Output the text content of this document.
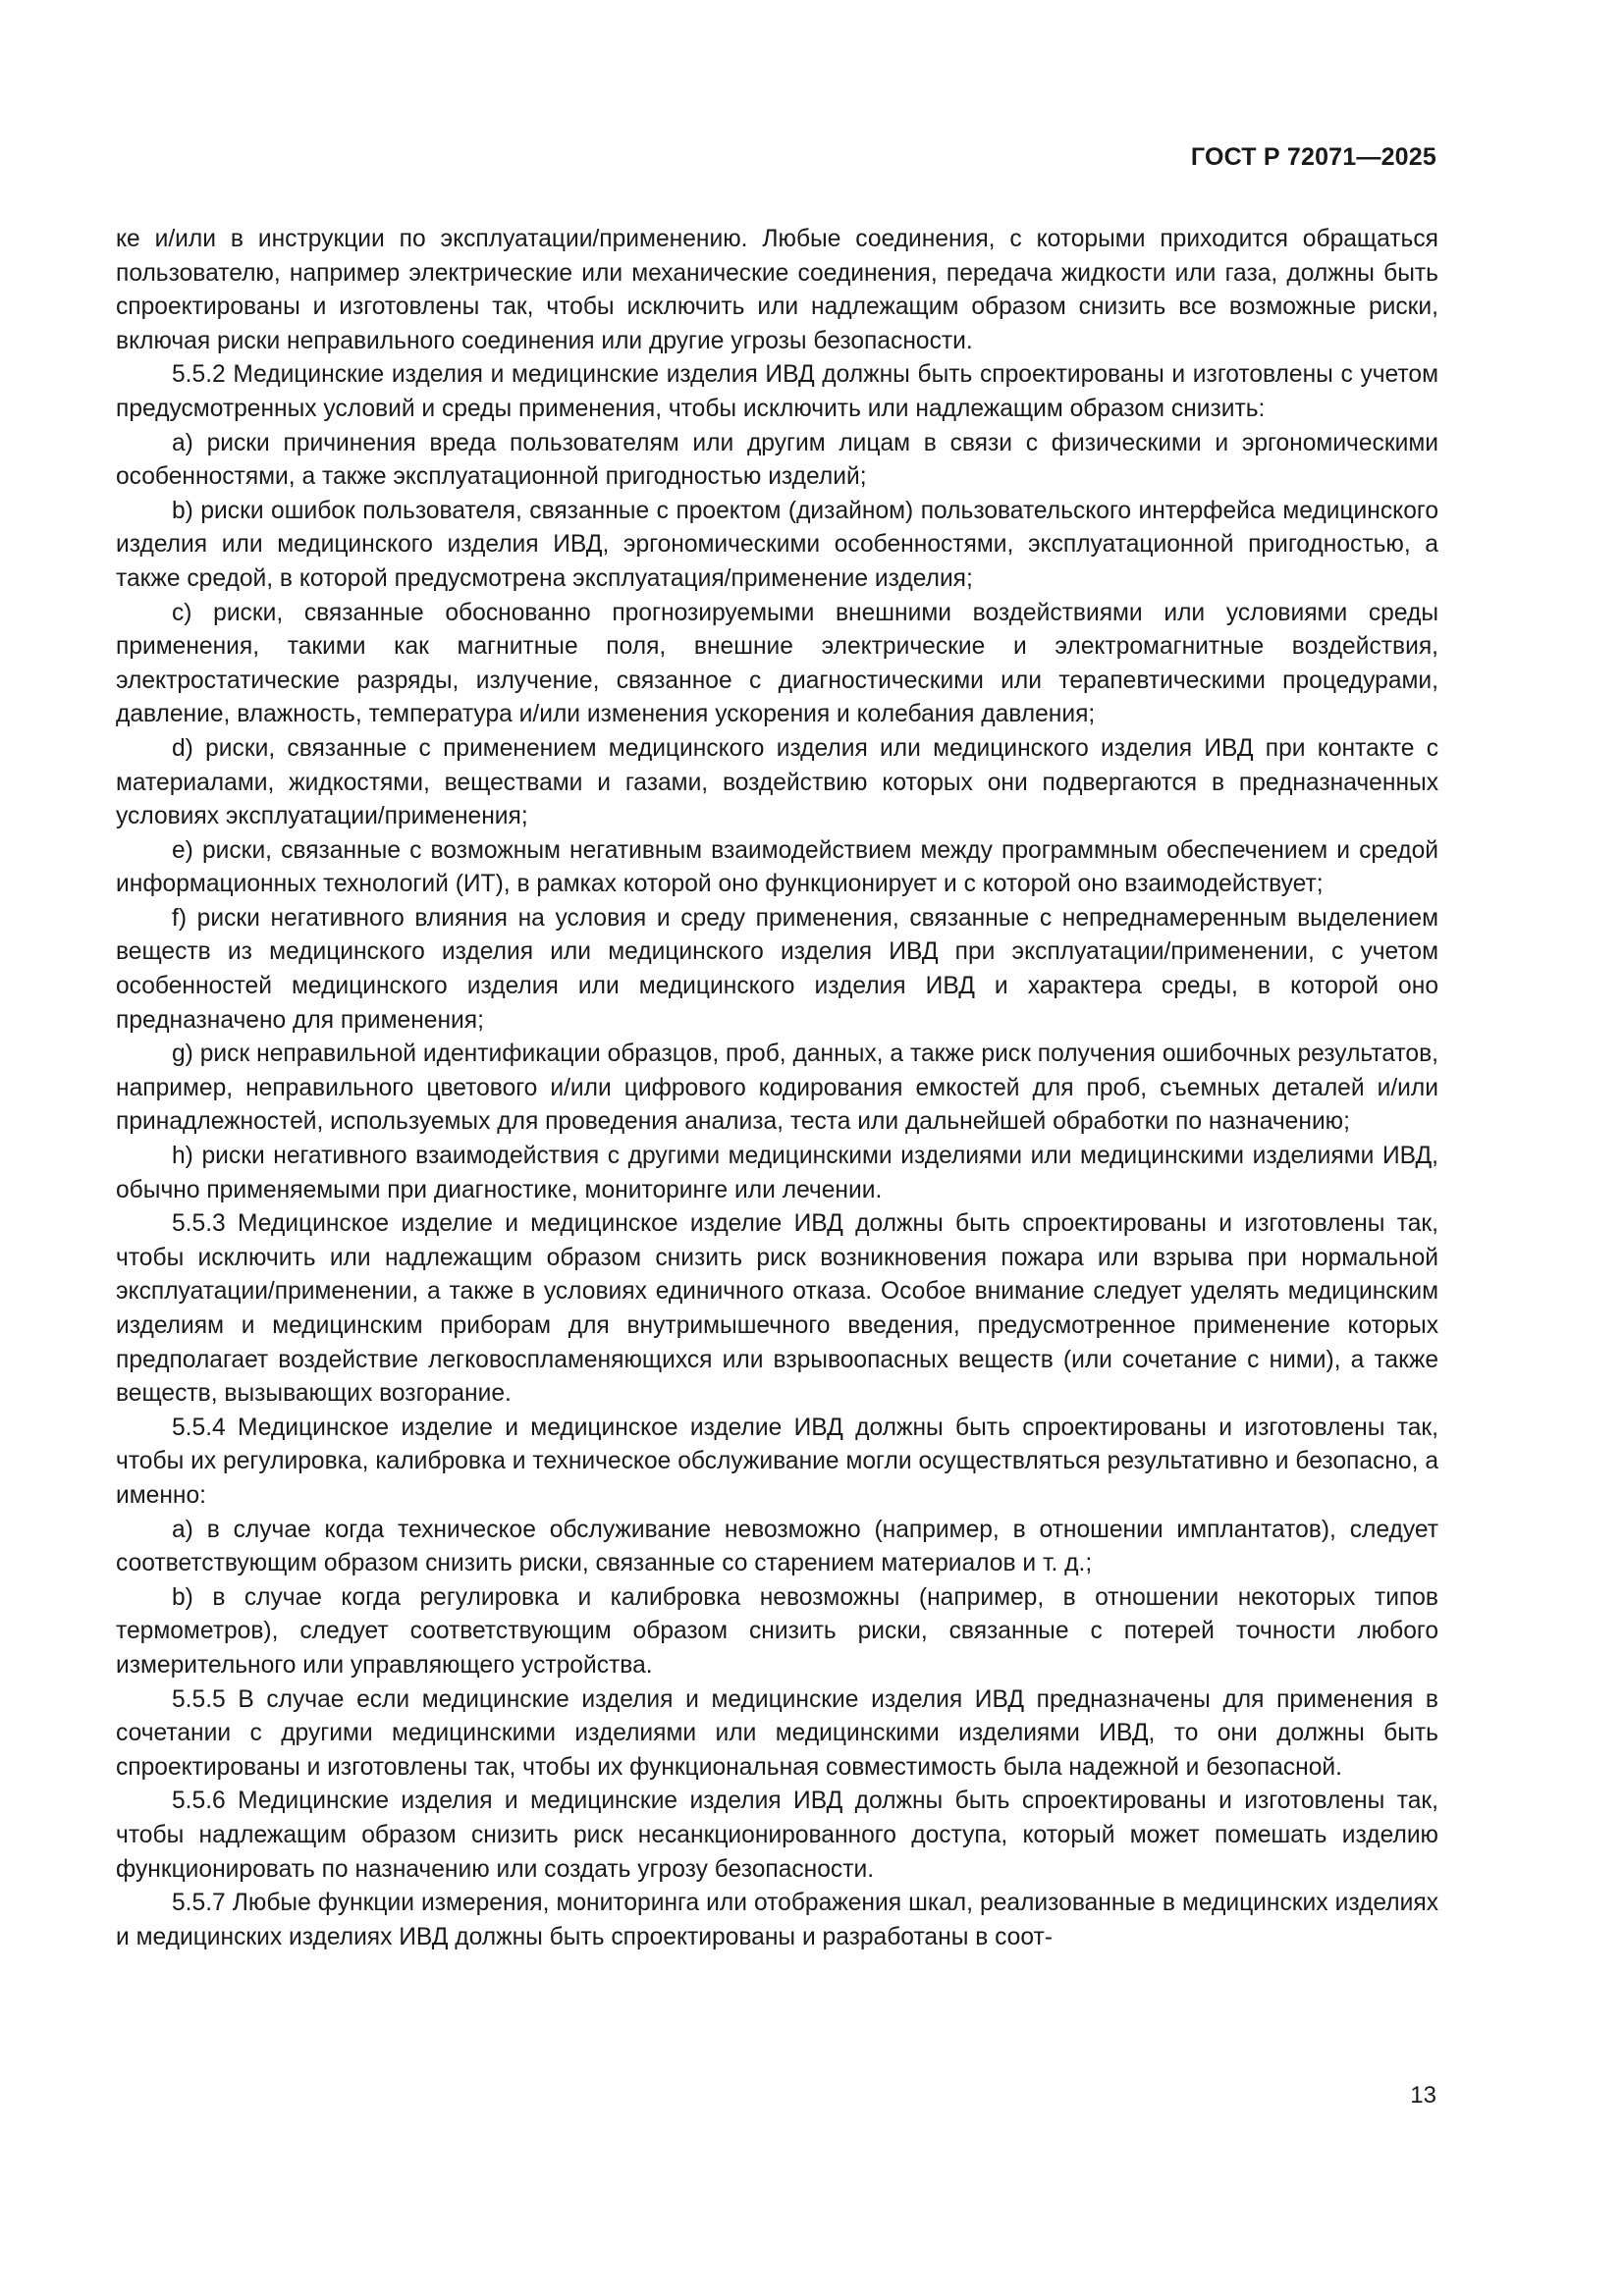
ГОСТ Р 72071—2025

ке и/или в инструкции по эксплуатации/применению. Любые соединения, с которыми приходится обращаться пользователю, например электрические или механические соединения, передача жидкости или газа, должны быть спроектированы и изготовлены так, чтобы исключить или надлежащим образом снизить все возможные риски, включая риски неправильного соединения или другие угрозы безопасности.

5.5.2 Медицинские изделия и медицинские изделия ИВД должны быть спроектированы и изготовлены с учетом предусмотренных условий и среды применения, чтобы исключить или надлежащим образом снизить:

а) риски причинения вреда пользователям или другим лицам в связи с физическими и эргономическими особенностями, а также эксплуатационной пригодностью изделий;

b) риски ошибок пользователя, связанные с проектом (дизайном) пользовательского интерфейса медицинского изделия или медицинского изделия ИВД, эргономическими особенностями, эксплуатационной пригодностью, а также средой, в которой предусмотрена эксплуатация/применение изделия;

c) риски, связанные обоснованно прогнозируемыми внешними воздействиями или условиями среды применения, такими как магнитные поля, внешние электрические и электромагнитные воздействия, электростатические разряды, излучение, связанное с диагностическими или терапевтическими процедурами, давление, влажность, температура и/или изменения ускорения и колебания давления;

d) риски, связанные с применением медицинского изделия или медицинского изделия ИВД при контакте с материалами, жидкостями, веществами и газами, воздействию которых они подвергаются в предназначенных условиях эксплуатации/применения;

e) риски, связанные с возможным негативным взаимодействием между программным обеспечением и средой информационных технологий (ИТ), в рамках которой оно функционирует и с которой оно взаимодействует;

f) риски негативного влияния на условия и среду применения, связанные с непреднамеренным выделением веществ из медицинского изделия или медицинского изделия ИВД при эксплуатации/применении, с учетом особенностей медицинского изделия или медицинского изделия ИВД и характера среды, в которой оно предназначено для применения;

g) риск неправильной идентификации образцов, проб, данных, а также риск получения ошибочных результатов, например, неправильного цветового и/или цифрового кодирования емкостей для проб, съемных деталей и/или принадлежностей, используемых для проведения анализа, теста или дальнейшей обработки по назначению;

h) риски негативного взаимодействия с другими медицинскими изделиями или медицинскими изделиями ИВД, обычно применяемыми при диагностике, мониторинге или лечении.

5.5.3 Медицинское изделие и медицинское изделие ИВД должны быть спроектированы и изготовлены так, чтобы исключить или надлежащим образом снизить риск возникновения пожара или взрыва при нормальной эксплуатации/применении, а также в условиях единичного отказа. Особое внимание следует уделять медицинским изделиям и медицинским приборам для внутримышечного введения, предусмотренное применение которых предполагает воздействие легковоспламеняющихся или взрывоопасных веществ (или сочетание с ними), а также веществ, вызывающих возгорание.

5.5.4 Медицинское изделие и медицинское изделие ИВД должны быть спроектированы и изготовлены так, чтобы их регулировка, калибровка и техническое обслуживание могли осуществляться результативно и безопасно, а именно:

а) в случае когда техническое обслуживание невозможно (например, в отношении имплантатов), следует соответствующим образом снизить риски, связанные со старением материалов и т. д.;

b) в случае когда регулировка и калибровка невозможны (например, в отношении некоторых типов термометров), следует соответствующим образом снизить риски, связанные с потерей точности любого измерительного или управляющего устройства.

5.5.5 В случае если медицинские изделия и медицинские изделия ИВД предназначены для применения в сочетании с другими медицинскими изделиями или медицинскими изделиями ИВД, то они должны быть спроектированы и изготовлены так, чтобы их функциональная совместимость была надежной и безопасной.

5.5.6 Медицинские изделия и медицинские изделия ИВД должны быть спроектированы и изготовлены так, чтобы надлежащим образом снизить риск несанкционированного доступа, который может помешать изделию функционировать по назначению или создать угрозу безопасности.

5.5.7 Любые функции измерения, мониторинга или отображения шкал, реализованные в медицинских изделиях и медицинских изделиях ИВД должны быть спроектированы и разработаны в соот-

13
